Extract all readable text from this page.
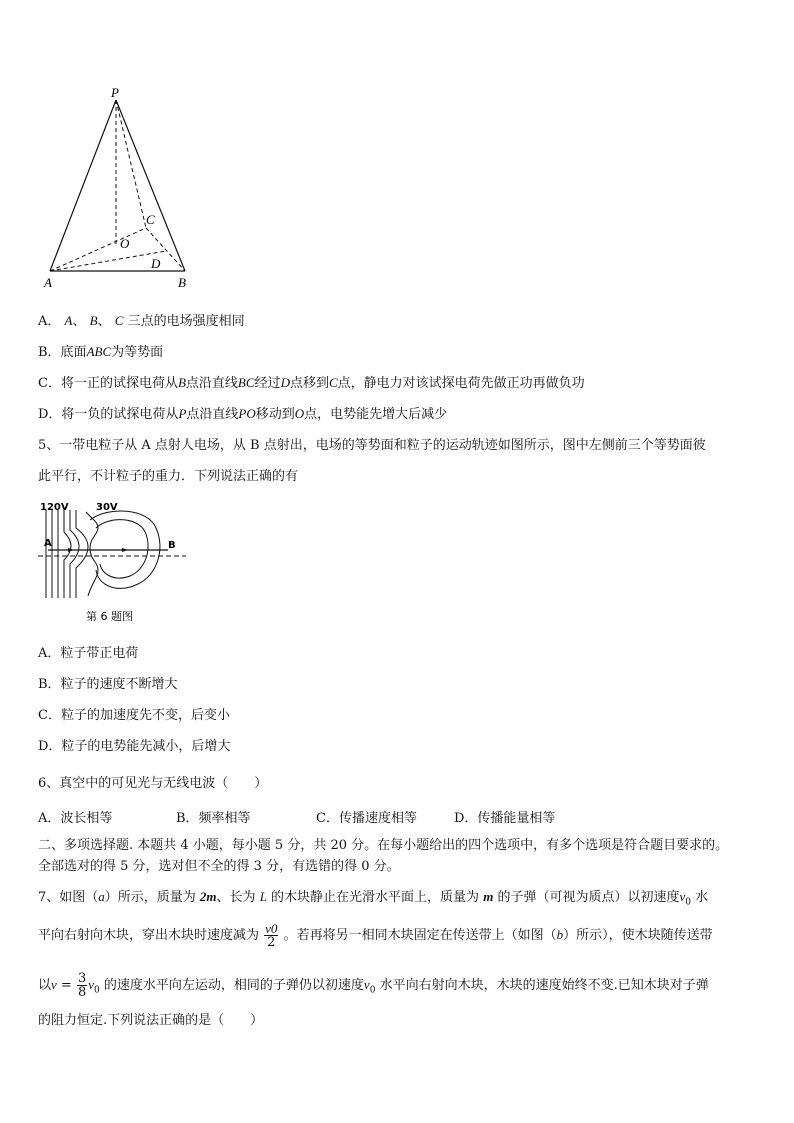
P
C
O
D
A	B
A． A、 B、 C 三点的电场强度相同
B．底面ABC为等势面
C．将一正的试探电荷从B点沿直线BC经过D点移到C点，静电力对该试探电荷先做正功再做负功
D．将一负的试探电荷从P点沿直线PO移动到O点，电势能先增大后减少
5、一带电粒子从 A 点射人电场，从 B 点射出，电场的等势面和粒子的运动轨迹如图所示，图中左侧前三个等势面彼
此平行，不计粒子的重力．下列说法正确的有
120V	30V
A	B
第 6 题图
A．粒子带正电荷
B．粒子的速度不断增大
C．粒子的加速度先不变，后变小
D．粒子的电势能先减小，后增大
6、真空中的可见光与无线电波（　　）
A．波长相等	B．频率相等	C．传播速度相等	D．传播能量相等
二、多项选择题. 本题共 4 小题，每小题 5 分，共 20 分。在每小题给出的四个选项中，有多个选项是符合题目要求的。
全部选对的得 5 分，选对但不全的得 3 分，有选错的得 0 分。
7、如图（a）所示，质量为 2m、长为 L 的木块静止在光滑水平面上，质量为 m 的子弹（可视为质点）以初速度$v_0$ 水
平向右射向木块，穿出木块时速度减为 $\frac{v0}{2}$ 。若再将另一相同木块固定在传送带上（如图（b）所示），使木块随传送带
以$v = \frac{3}{8} v_0$ 的速度水平向左运动，相同的子弹仍以初速度$v_0$ 水平向右射向木块，木块的速度始终不变.已知木块对子弹
的阻力恒定.下列说法正确的是（　　）
